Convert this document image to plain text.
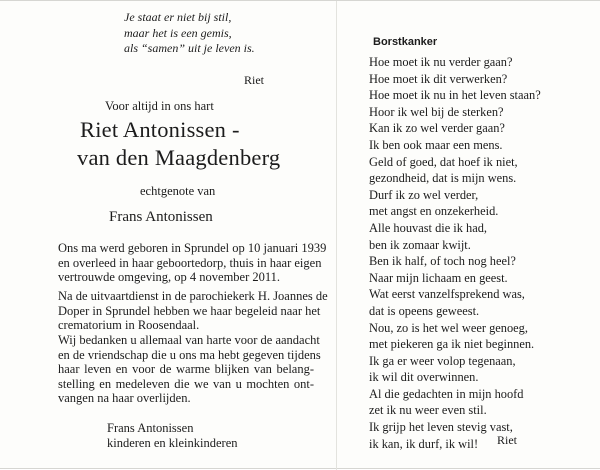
Je staat er niet bij stil,
maar het is een gemis,
als “samen” uit je leven is.
Riet
Voor altijd in ons hart
Riet Antonissen -
van den Maagdenberg
echtgenote van
Frans Antonissen
Ons ma werd geboren in Sprundel op 10 januari 1939
en overleed in haar geboortedorp, thuis in haar eigen
vertrouwde omgeving, op 4 november 2011.
Na de uitvaartdienst in de parochiekerk H. Joannes de
Doper in Sprundel hebben we haar begeleid naar het
crematorium in Roosendaal.
Wij bedanken u allemaal van harte voor de aandacht
en de vriendschap die u ons ma hebt gegeven tijdens
haar leven en voor de warme blijken van belang-
stelling en medeleven die we van u mochten ont-
vangen na haar overlijden.
Frans Antonissen
kinderen en kleinkinderen
Borstkanker
Hoe moet ik nu verder gaan?
Hoe moet ik dit verwerken?
Hoe moet ik nu in het leven staan?
Hoor ik wel bij de sterken?
Kan ik zo wel verder gaan?
Ik ben ook maar een mens.
Geld of goed, dat hoef ik niet,
gezondheid, dat is mijn wens.
Durf ik zo wel verder,
met angst en onzekerheid.
Alle houvast die ik had,
ben ik zomaar kwijt.
Ben ik half, of toch nog heel?
Naar mijn lichaam en geest.
Wat eerst vanzelfsprekend was,
dat is opeens geweest.
Nou, zo is het wel weer genoeg,
met piekeren ga ik niet beginnen.
Ik ga er weer volop tegenaan,
ik wil dit overwinnen.
Al die gedachten in mijn hoofd
zet ik nu weer even stil.
Ik grijp het leven stevig vast,
ik kan, ik durf, ik wil!	Riet
